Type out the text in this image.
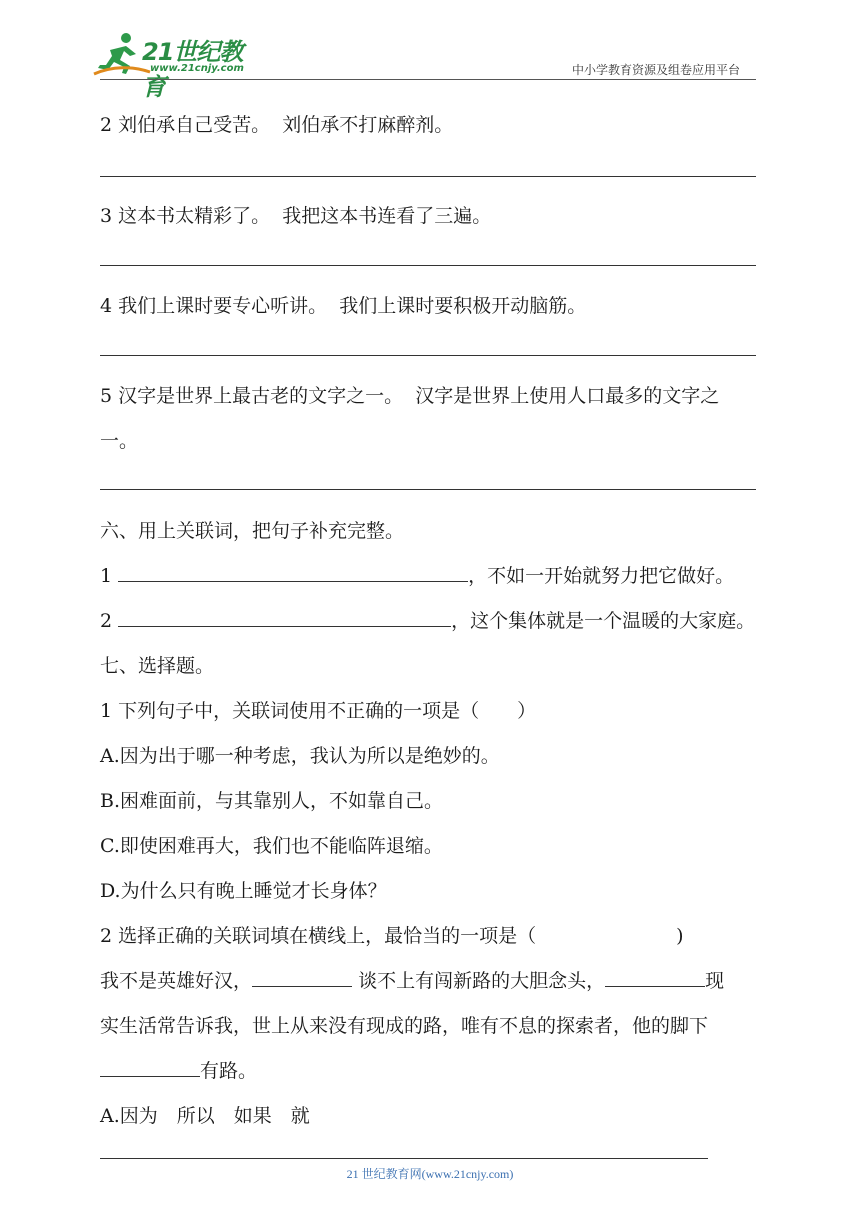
21世纪教育
www.21cnjy.com	中小学教育资源及组卷应用平台
2 刘伯承自己受苦。 刘伯承不打麻醉剂。
3 这本书太精彩了。 我把这本书连看了三遍。
4 我们上课时要专心听讲。 我们上课时要积极开动脑筋。
5 汉字是世界上最古老的文字之一。 汉字是世界上使用人口最多的文字之
一。
六、用上关联词，把句子补充完整。
1	，不如一开始就努力把它做好。
2	，这个集体就是一个温暖的大家庭。
七、选择题。
1 下列句子中，关联词使用不正确的一项是（　　）
A.因为出于哪一种考虑，我认为所以是绝妙的。
B.困难面前，与其靠别人，不如靠自己。
C.即使困难再大，我们也不能临阵退缩。
D.为什么只有晚上睡觉才长身体？
2 选择正确的关联词填在横线上，最恰当的一项是（	)
我不是英雄好汉，	谈不上有闯新路的大胆念头，	现
实生活常告诉我，世上从来没有现成的路，唯有不息的探索者，他的脚下
有路。
A.因为　所以　如果　就
21 世纪教育网(www.21cnjy.com)
